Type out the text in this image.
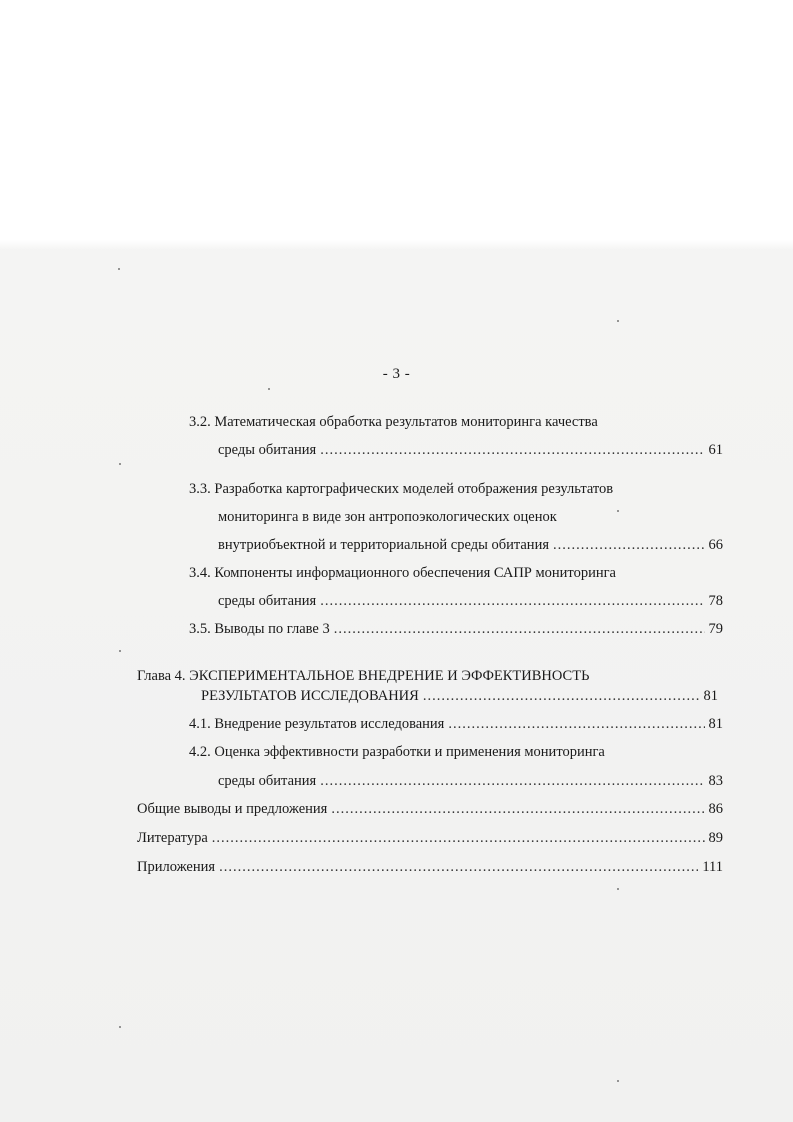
- 3 -
3.2. Математическая обработка результатов мониторинга качества
среды обитания .....	61
3.3. Разработка картографических моделей отображения результатов
мониторинга в виде зон антропоэкологических оценок
внутриобъектной и территориальной среды обитания .....	66
3.4. Компоненты информационного обеспечения САПР мониторинга
среды обитания .....	78
3.5. Выводы по главе 3 .....	79
Глава 4. ЭКСПЕРИМЕНТАЛЬНОЕ ВНЕДРЕНИЕ И ЭФФЕКТИВНОСТЬ
РЕЗУЛЬТАТОВ ИССЛЕДОВАНИЯ .....	81
4.1. Внедрение результатов исследования .....	81
4.2. Оценка эффективности разработки и применения мониторинга
среды обитания .....	83
Общие выводы и предложения .....	86
Литература .....	89
Приложения .....	111
